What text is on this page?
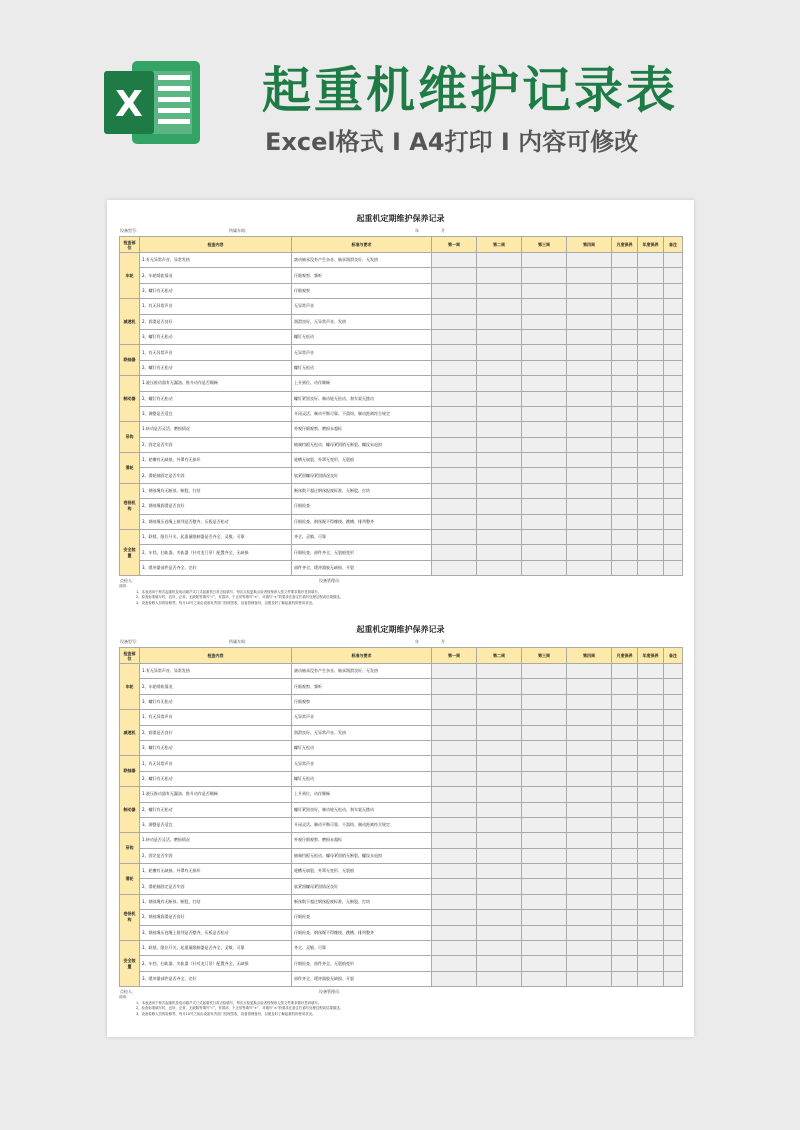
X 起重机维护记录表
Excel格式 Ⅰ A4打印 Ⅰ 内容可修改
起重机定期维护保养记录
设备型号：	所属车间：	年	月
检查部位	检查内容	标准与要求	第一周	第二周	第三周	第四周	月度保养	年度保养	备注
车轮	1.有无异常声音、异常发热	滚动轴承没有产生杂音、轴承润滑良好、无发热							
	2、车轮啃轨情况	仔细观察、频听							
	3、螺钉有无松动	仔细观察							
减速机	1、有无异常声音	无异常声音							
	2、润滑是否良好	润滑良好、无异常声音、发热							
	3、螺钉有无松动	螺钉无松动							
联轴器	1、有无异常声音	无异常声音							
	2、螺钉有无松动	螺钉无松动							
制动器	1.液压推动器有无漏油、推升动作是否顺畅	上升到位、动作顺畅							
	2、螺钉有无松动	螺钉紧固良好、制动轮无松动、刹车架无摆动							
	3、调整是否适宜	开闭灵活、制动平衡可靠、不溜钩、制动距离符合规定							
吊钩	1.转动是否灵活、磨损情况	外观仔细观察、磨损未超标							
	2、固定是否牢固	轴端挡板无松动、螺母紧固销无断裂、螺纹未退扣							
滑轮	1、轮槽有无缺损、外罩有无损坏	轮槽无崩裂、外罩无变形、无裂痕							
	2、滑轮轴固定是否牢固	软紧固螺母紧固情况良好							
卷扬机构	1、钢丝绳有无断丝、断股、打结	断丝数不超过钢丝报废标准、无断股、打结							
	2、钢丝绳润滑是否良好	仔细检查							
	3、钢丝绳压卷绳上排列是否整齐，压板是否松动	仔细检查、钢丝绳不得缠绕、跳槽、排列整齐							
安全装置	1、联锁、限位开关、起重量限制器是否齐全、灵敏、可靠	齐全、灵敏、可靠							
	2、车挡、扫轨器、夹轨器（针对龙门吊）配置齐全、无缺损	仔细检查、部件齐全、无裂痕变形							
	3、缓冲器部件是否齐全、完好	部件齐全、缓冲器胶无缺损、开裂							
点检人：	设备管理员：
说明：
1、本表适用于桥式起重机及电动葫芦式门式起重机日常点检填写，每次点检更换点检者按保养人按文件要求做好签到填写。
2、检查标准填写时，良好、正常、无缺陷等填写“√”，有损坏、不正常等填写“×”，对填写“×”的要求在备注栏填写处理过程或结果描述。
3、设备检修人员的检修等，每月10号之前由设备负责部门经理签收，设备管理备份，以便及时了解起重机的使用状况。
起重机定期维护保养记录
设备型号：	所属车间：	年	月
检查部位	检查内容	标准与要求	第一周	第二周	第三周	第四周	月度保养	年度保养	备注
车轮	1.有无异常声音、异常发热	滚动轴承没有产生杂音、轴承润滑良好、无发热							
	2、车轮啃轨情况	仔细观察、频听							
	3、螺钉有无松动	仔细观察							
减速机	1、有无异常声音	无异常声音							
	2、润滑是否良好	润滑良好、无异常声音、发热							
	3、螺钉有无松动	螺钉无松动							
联轴器	1、有无异常声音	无异常声音							
	2、螺钉有无松动	螺钉无松动							
制动器	1.液压推动器有无漏油、推升动作是否顺畅	上升到位、动作顺畅							
	2、螺钉有无松动	螺钉紧固良好、制动轮无松动、刹车架无摆动							
	3、调整是否适宜	开闭灵活、制动平衡可靠、不溜钩、制动距离符合规定							
吊钩	1.转动是否灵活、磨损情况	外观仔细观察、磨损未超标							
	2、固定是否牢固	轴端挡板无松动、螺母紧固销无断裂、螺纹未退扣							
滑轮	1、轮槽有无缺损、外罩有无损坏	轮槽无崩裂、外罩无变形、无裂痕							
	2、滑轮轴固定是否牢固	软紧固螺母紧固情况良好							
卷扬机构	1、钢丝绳有无断丝、断股、打结	断丝数不超过钢丝报废标准、无断股、打结							
	2、钢丝绳润滑是否良好	仔细检查							
	3、钢丝绳压卷绳上排列是否整齐，压板是否松动	仔细检查、钢丝绳不得缠绕、跳槽、排列整齐							
安全装置	1、联锁、限位开关、起重量限制器是否齐全、灵敏、可靠	齐全、灵敏、可靠							
	2、车挡、扫轨器、夹轨器（针对龙门吊）配置齐全、无缺损	仔细检查、部件齐全、无裂痕变形							
	3、缓冲器部件是否齐全、完好	部件齐全、缓冲器胶无缺损、开裂							
点检人：	设备管理员：
说明：
1、本表适用于桥式起重机及电动葫芦式门式起重机日常点检填写，每次点检更换点检者按保养人按文件要求做好签到填写。
2、检查标准填写时，良好、正常、无缺陷等填写“√”，有损坏、不正常等填写“×”，对填写“×”的要求在备注栏填写处理过程或结果描述。
3、设备检修人员的检修等，每月10号之前由设备负责部门经理签收，设备管理备份，以便及时了解起重机的使用状况。
